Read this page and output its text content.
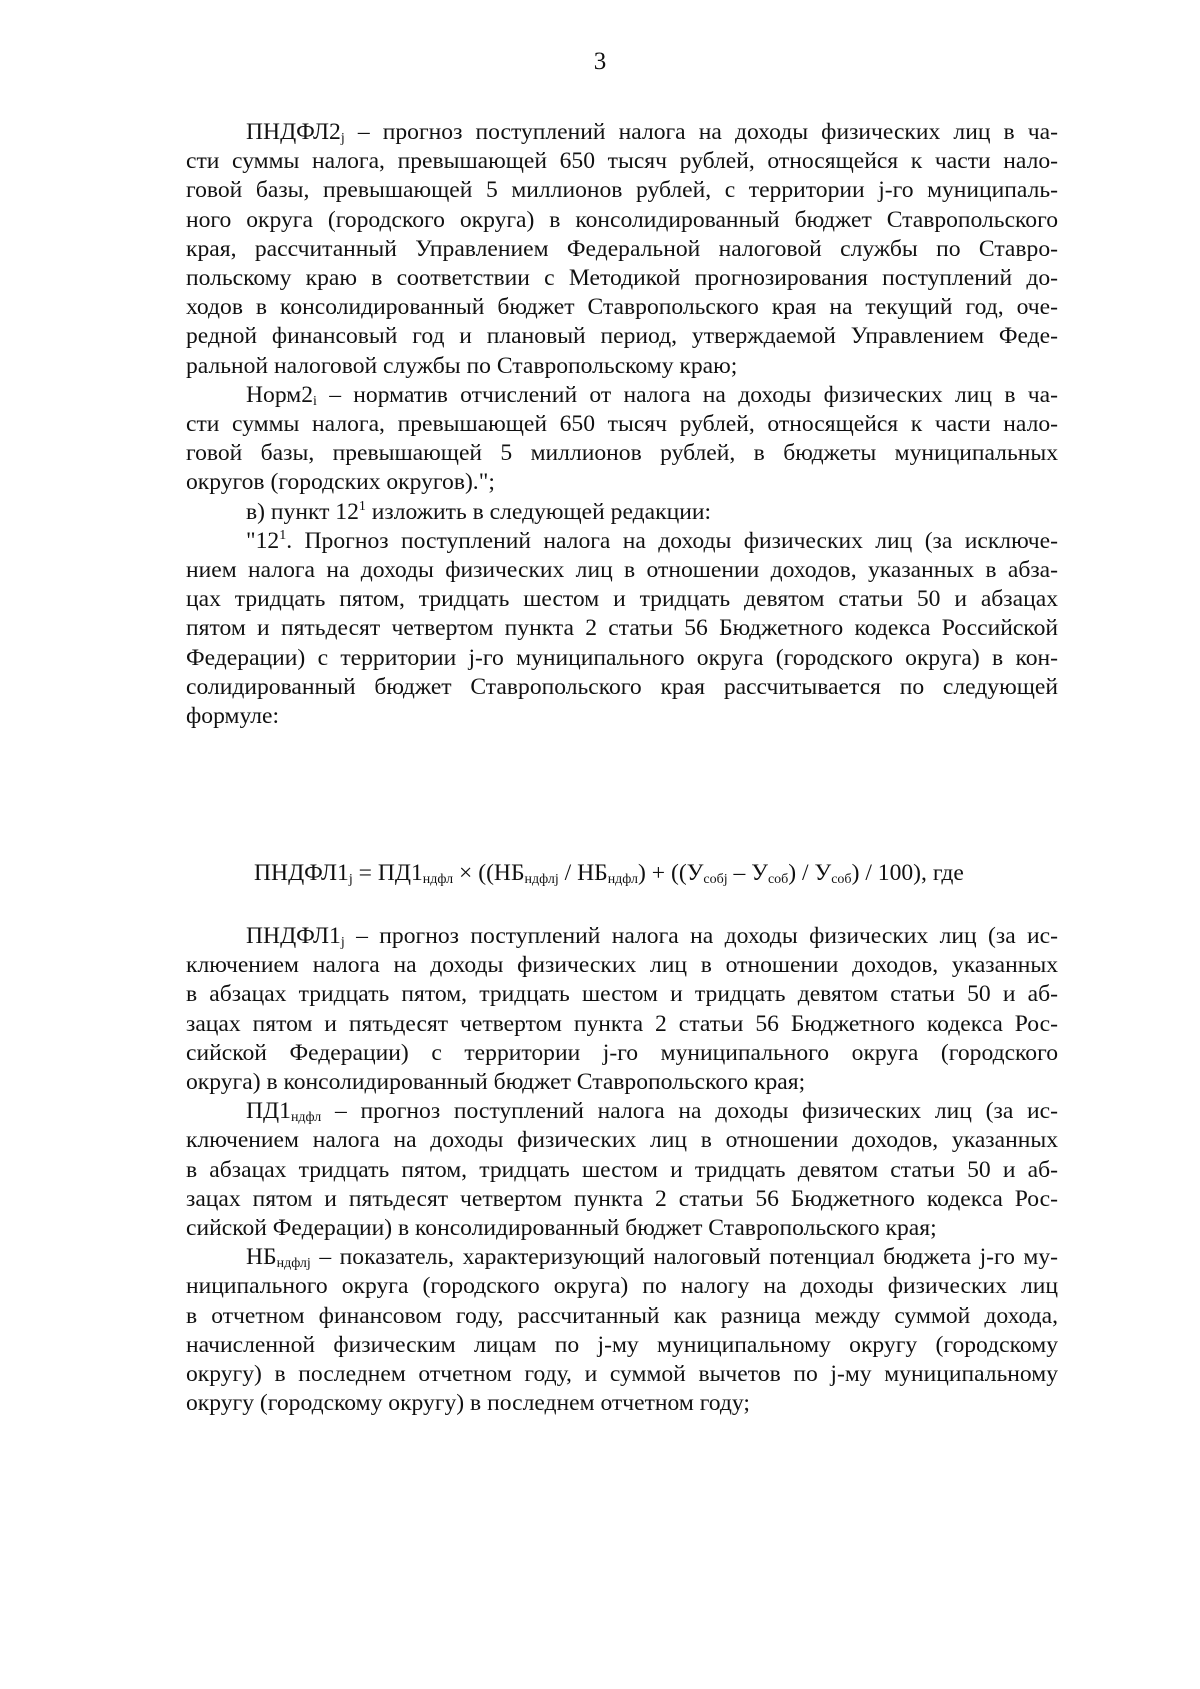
3
$ПНДФЛ2_j$ – прогноз поступлений налога на доходы физических лиц в ча-
сти суммы налога, превышающей 650 тысяч рублей, относящейся к части нало-
говой базы, превышающей 5 миллионов рублей, с территории j-го муниципаль-
ного округа (городского округа) в консолидированный бюджет Ставропольского
края, рассчитанный Управлением Федеральной налоговой службы по Ставро-
польскому краю в соответствии с Методикой прогнозирования поступлений до-
ходов в консолидированный бюджет Ставропольского края на текущий год, оче-
редной финансовый год и плановый период, утверждаемой Управлением Феде-
ральной налоговой службы по Ставропольскому краю;
$Норм2_i$ – норматив отчислений от налога на доходы физических лиц в ча-
сти суммы налога, превышающей 650 тысяч рублей, относящейся к части нало-
говой базы, превышающей 5 миллионов рублей, в бюджеты муниципальных
округов (городских округов).";
в) пункт $12^1$ изложить в следующей редакции:
"$12^1$. Прогноз поступлений налога на доходы физических лиц (за исключе-
нием налога на доходы физических лиц в отношении доходов, указанных в абза-
цах тридцать пятом, тридцать шестом и тридцать девятом статьи 50 и абзацах
пятом и пятьдесят четвертом пункта 2 статьи 56 Бюджетного кодекса Российской
Федерации) с территории j-го муниципального округа (городского округа) в кон-
солидированный бюджет Ставропольского края рассчитывается по следующей
формуле:
$ПНДФЛ1_j = ПД1_{ндфл} \times ((НБ_{ндфлj} / НБ_{ндфл}) + ((У_{собj} - У_{соб}) / У_{соб}) / 100)$, где
$ПНДФЛ1_j$ – прогноз поступлений налога на доходы физических лиц (за ис-
ключением налога на доходы физических лиц в отношении доходов, указанных
в абзацах тридцать пятом, тридцать шестом и тридцать девятом статьи 50 и аб-
зацах пятом и пятьдесят четвертом пункта 2 статьи 56 Бюджетного кодекса Рос-
сийской Федерации) с территории j-го муниципального округа (городского
округа) в консолидированный бюджет Ставропольского края;
$ПД1_{ндфл}$ – прогноз поступлений налога на доходы физических лиц (за ис-
ключением налога на доходы физических лиц в отношении доходов, указанных
в абзацах тридцать пятом, тридцать шестом и тридцать девятом статьи 50 и аб-
зацах пятом и пятьдесят четвертом пункта 2 статьи 56 Бюджетного кодекса Рос-
сийской Федерации) в консолидированный бюджет Ставропольского края;
$НБ_{ндфлj}$ – показатель, характеризующий налоговый потенциал бюджета j-го му-
ниципального округа (городского округа) по налогу на доходы физических лиц
в отчетном финансовом году, рассчитанный как разница между суммой дохода,
начисленной физическим лицам по j-му муниципальному округу (городскому
округу) в последнем отчетном году, и суммой вычетов по j-му муниципальному
округу (городскому округу) в последнем отчетном году;
